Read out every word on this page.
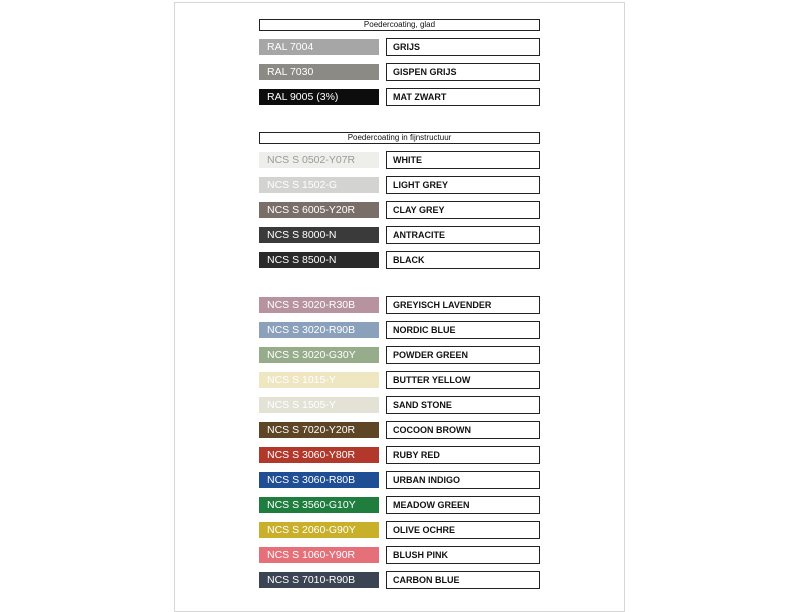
Poedercoating, glad
RAL 7004	GRIJS
RAL 7030	GISPEN GRIJS
RAL 9005 (3%)	MAT ZWART
Poedercoating in fijnstructuur
NCS S 0502-Y07R	WHITE
NCS S 1502-G	LIGHT GREY
NCS S 6005-Y20R	CLAY GREY
NCS S 8000-N	ANTRACITE
NCS S 8500-N	BLACK
NCS S 3020-R30B	GREYISCH LAVENDER
NCS S 3020-R90B	NORDIC BLUE
NCS S 3020-G30Y	POWDER GREEN
NCS S 1015-Y	BUTTER YELLOW
NCS S 1505-Y	SAND STONE
NCS S 7020-Y20R	COCOON BROWN
NCS S 3060-Y80R	RUBY RED
NCS S 3060-R80B	URBAN INDIGO
NCS S 3560-G10Y	MEADOW GREEN
NCS S 2060-G90Y	OLIVE OCHRE
NCS S 1060-Y90R	BLUSH PINK
NCS S 7010-R90B	CARBON BLUE
